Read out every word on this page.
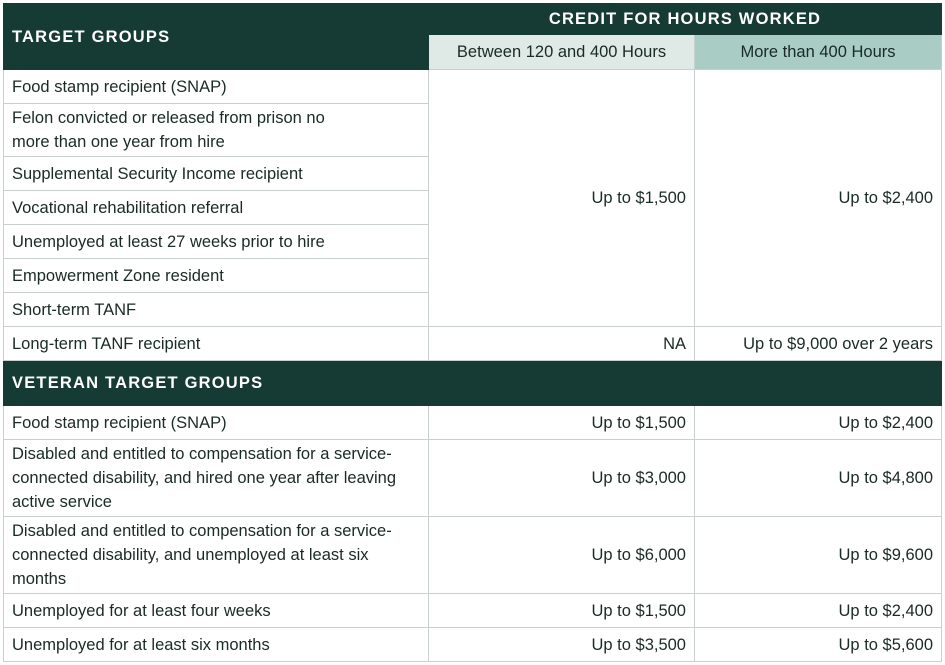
TARGET GROUPS	CREDIT FOR HOURS WORKED	
	Between 120 and 400 Hours	More than 400 Hours
Food stamp recipient (SNAP)	Up to $1,500	Up to $2,400
Felon convicted or released from prison no more than one year from hire		
Supplemental Security Income recipient		
Vocational rehabilitation referral		
Unemployed at least 27 weeks prior to hire		
Empowerment Zone resident		
Short-term TANF		
Long-term TANF recipient	NA	Up to $9,000 over 2 years
VETERAN TARGET GROUPS		
Food stamp recipient (SNAP)	Up to $1,500	Up to $2,400
Disabled and entitled to compensation for a service-connected disability, and hired one year after leaving active service	Up to $3,000	Up to $4,800
Disabled and entitled to compensation for a service-connected disability, and unemployed at least six months	Up to $6,000	Up to $9,600
Unemployed for at least four weeks	Up to $1,500	Up to $2,400
Unemployed for at least six months	Up to $3,500	Up to $5,600
